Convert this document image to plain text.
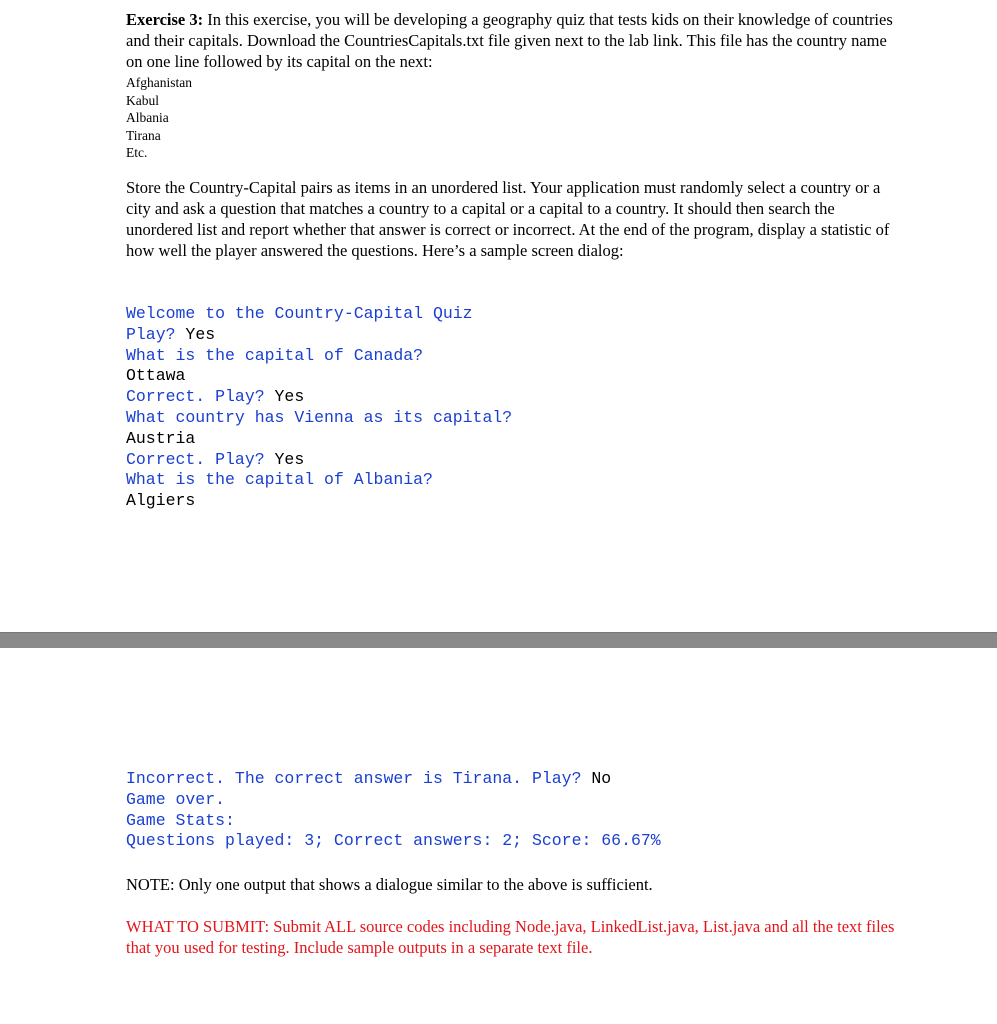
Exercise 3: In this exercise, you will be developing a geography quiz that tests kids on their knowledge of countries and their capitals. Download the CountriesCapitals.txt file given next to the lab link. This file has the country name on one line followed by its capital on the next:

Afghanistan
Kabul
Albania
Tirana
Etc.

Store the Country-Capital pairs as items in an unordered list. Your application must randomly select a country or a city and ask a question that matches a country to a capital or a capital to a country. It should then search the unordered list and report whether that answer is correct or incorrect. At the end of the program, display a statistic of how well the player answered the questions. Here’s a sample screen dialog:

Welcome to the Country-Capital Quiz
Play? Yes
What is the capital of Canada?
Ottawa
Correct. Play? Yes
What country has Vienna as its capital?
Austria
Correct. Play? Yes
What is the capital of Albania?
Algiers
Incorrect. The correct answer is Tirana. Play? No
Game over.
Game Stats:
Questions played: 3; Correct answers: 2; Score: 66.67%

NOTE: Only one output that shows a dialogue similar to the above is sufficient.

WHAT TO SUBMIT: Submit ALL source codes including Node.java, LinkedList.java, List.java and all the text files that you used for testing. Include sample outputs in a separate text file.
